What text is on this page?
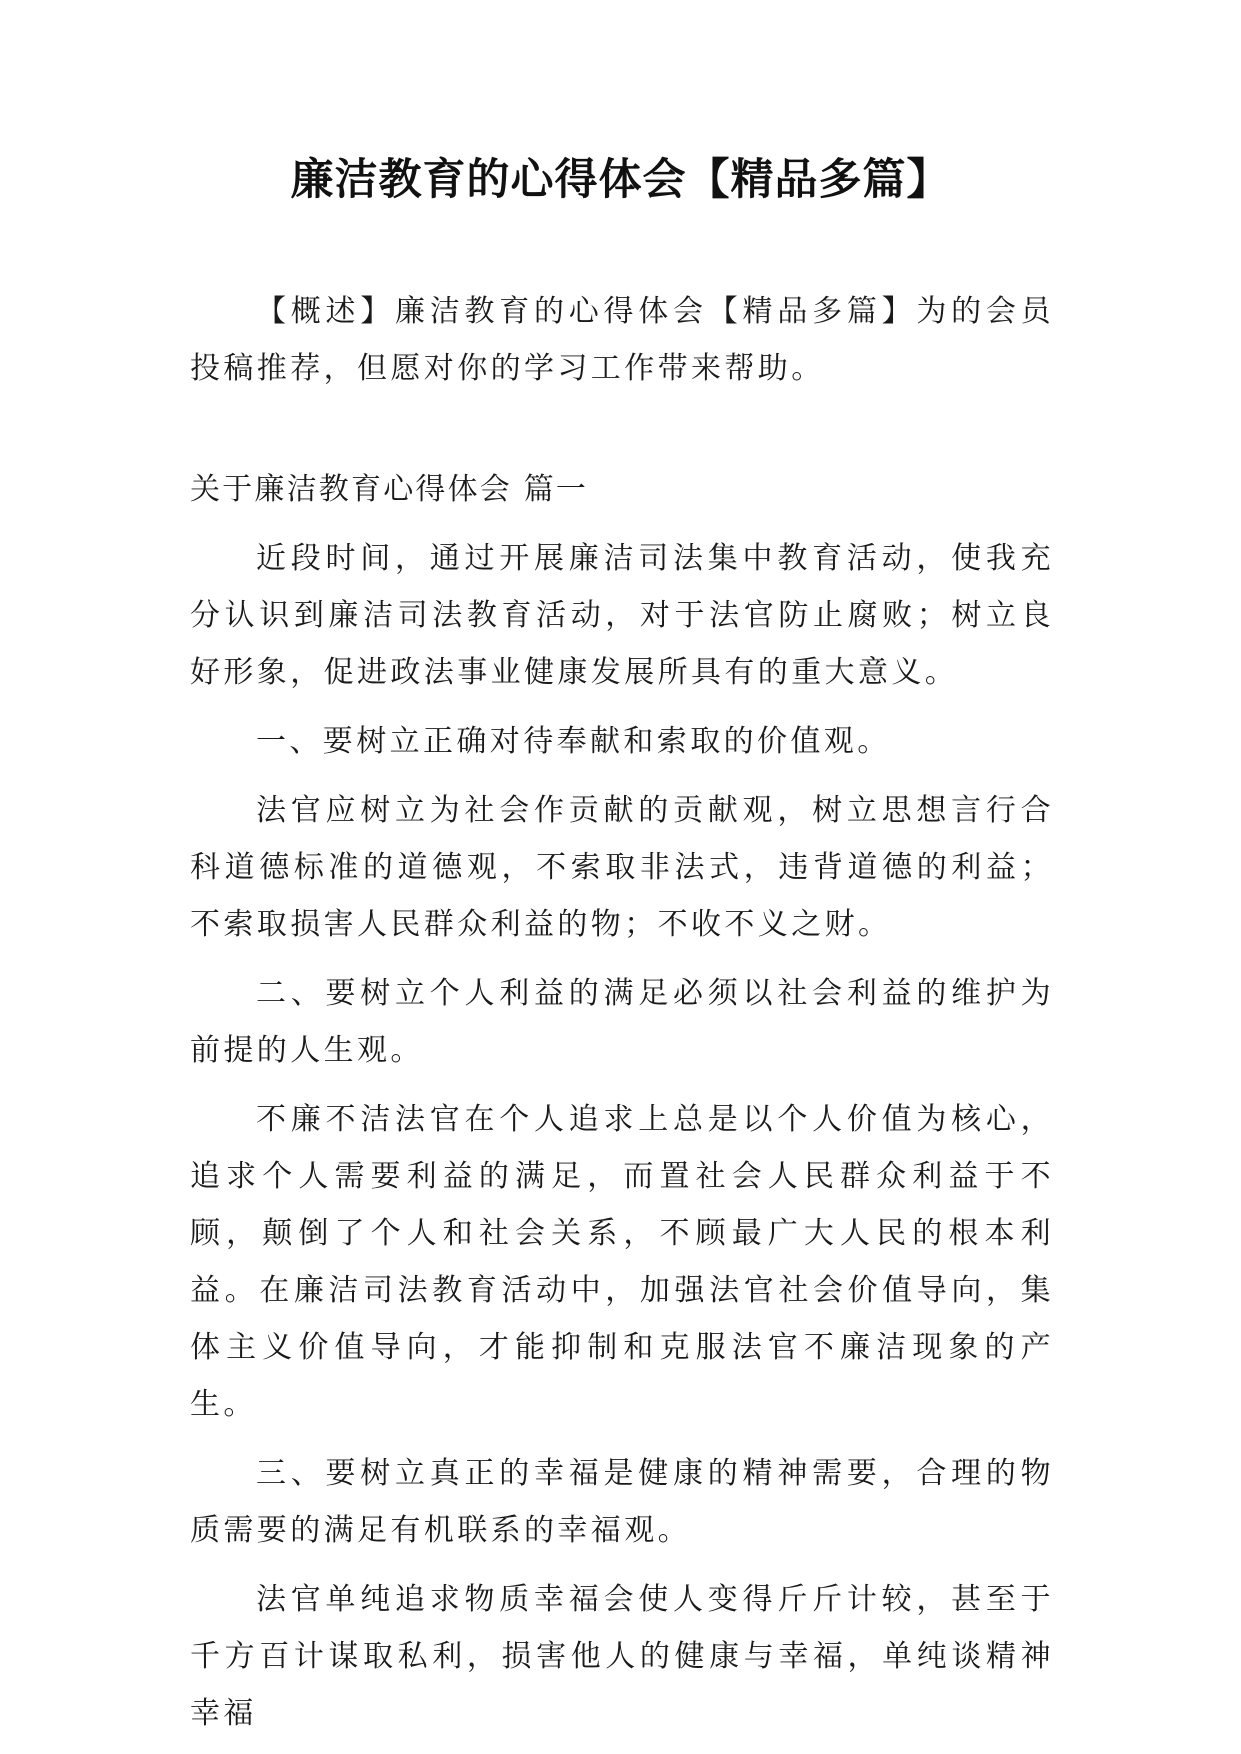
廉洁教育的心得体会【精品多篇】

【概述】廉洁教育的心得体会【精品多篇】为的会员投稿推荐，但愿对你的学习工作带来帮助。

关于廉洁教育心得体会 篇一

近段时间，通过开展廉洁司法集中教育活动，使我充分认识到廉洁司法教育活动，对于法官防止腐败；树立良好形象，促进政法事业健康发展所具有的重大意义。

一、要树立正确对待奉献和索取的价值观。

法官应树立为社会作贡献的贡献观，树立思想言行合科道德标准的道德观，不索取非法式，违背道德的利益；不索取损害人民群众利益的物；不收不义之财。

二、要树立个人利益的满足必须以社会利益的维护为前提的人生观。

不廉不洁法官在个人追求上总是以个人价值为核心，追求个人需要利益的满足，而置社会人民群众利益于不顾，颠倒了个人和社会关系，不顾最广大人民的根本利益。在廉洁司法教育活动中，加强法官社会价值导向，集体主义价值导向，才能抑制和克服法官不廉洁现象的产生。

三、要树立真正的幸福是健康的精神需要，合理的物质需要的满足有机联系的幸福观。

法官单纯追求物质幸福会使人变得斤斤计较，甚至于千方百计谋取私利，损害他人的健康与幸福，单纯谈精神幸福
